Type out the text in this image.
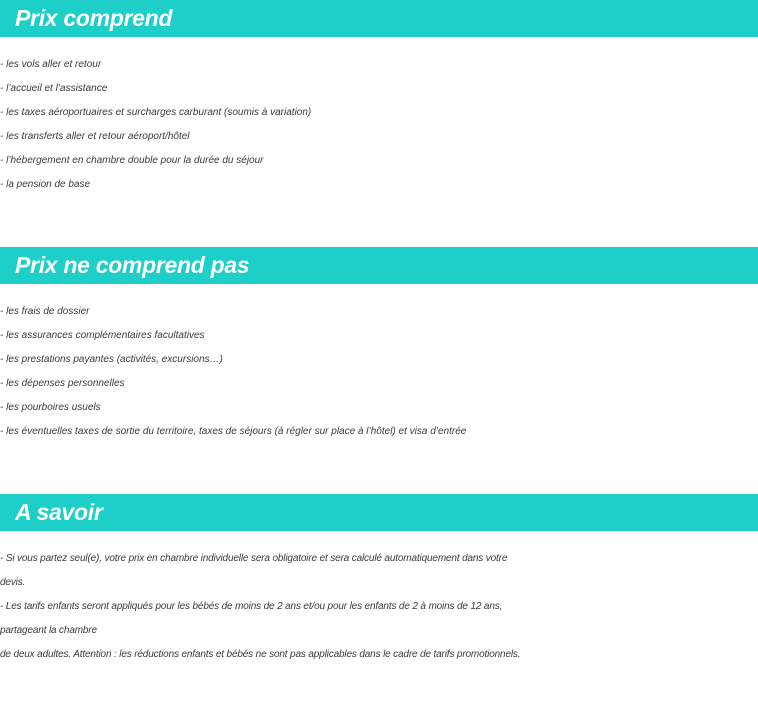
Prix comprend
- les vols aller et retour
- l’accueil et l’assistance
- les taxes aéroportuaires et surcharges carburant (soumis à variation)
- les transferts aller et retour aéroport/hôtel
- l’hébergement en chambre double pour la durée du séjour
- la pension de base
Prix ne comprend pas
- les frais de dossier
- les assurances complémentaires facultatives
- les prestations payantes (activités, excursions…)
- les dépenses personnelles
- les pourboires usuels
- les éventuelles taxes de sortie du territoire, taxes de séjours (à régler sur place à l’hôtel) et visa d’entrée
A savoir
- Si vous partez seul(e), votre prix en chambre individuelle sera obligatoire et sera calculé automatiquement dans votre
devis.
- Les tarifs enfants seront appliqués pour les bébés de moins de 2 ans et/ou pour les enfants de 2 à moins de 12 ans,
partageant la chambre
de deux adultes. Attention : les réductions enfants et bébés ne sont pas applicables dans le cadre de tarifs promotionnels.
